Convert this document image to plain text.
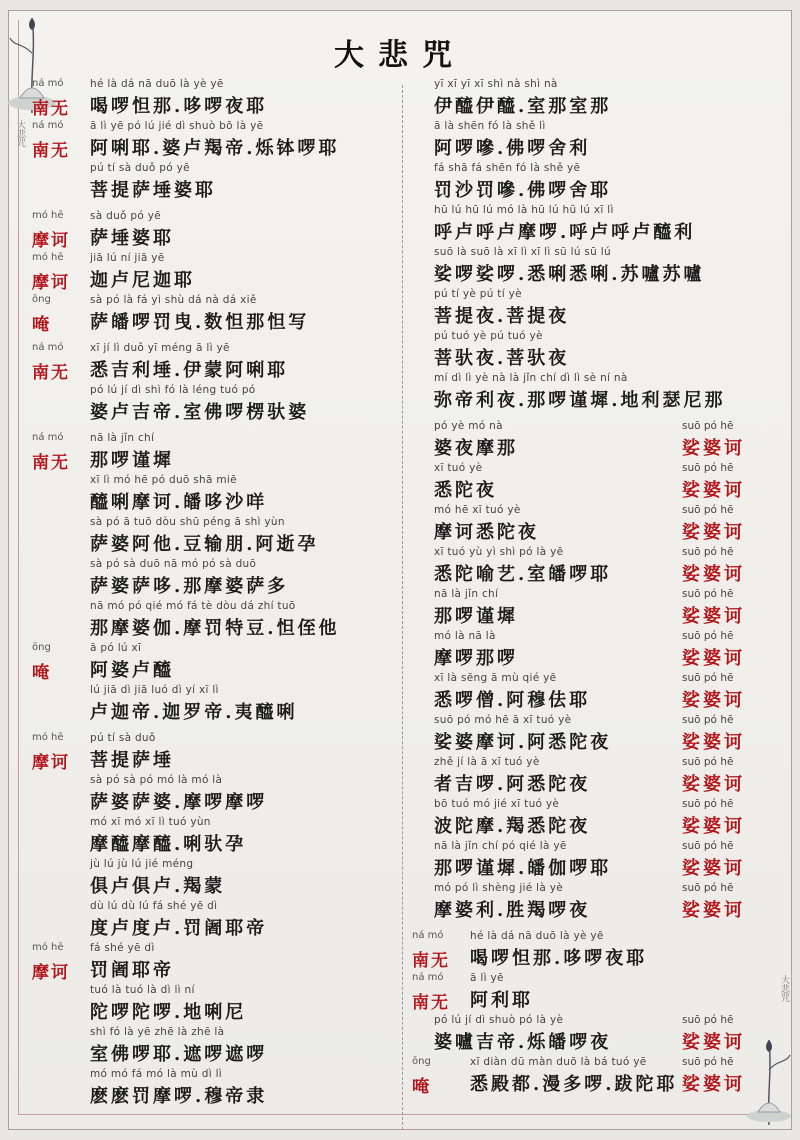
大悲咒
大悲咒
大悲咒
ná mó
南无
hé là dá nā duō là yè yē
喝啰怛那.哆啰夜耶
ná mó
南无
ā lì yē pó lú jié dì shuò bō là yē
阿唎耶.婆卢羯帝.烁钵啰耶
pú tí sà duǒ pó yē
菩提萨埵婆耶
mó hē
摩诃
sà duǒ pó yē
萨埵婆耶
mó hē
摩诃
jiā lú ní jiā yē
迦卢尼迦耶
ōng
唵
sà pó là fá yì shù dá nà dá xiě
萨皤啰罚曳.数怛那怛写
ná mó
南无
xī jí lì duǒ yī méng ā lì yē
悉吉利埵.伊蒙阿唎耶
pó lú jí dì shì fó là léng tuó pó
婆卢吉帝.室佛啰楞驮婆
ná mó
南无
nā là jǐn chí
那啰谨墀
xī lì mó hē pó duō shā miē
醯唎摩诃.皤哆沙咩
sà pó ā tuō dòu shū péng ā shì yùn
萨婆阿他.豆输朋.阿逝孕
sà pó sà duō nā mó pó sà duō
萨婆萨哆.那摩婆萨多
nā mó pó qié mó fá tè dòu dá zhí tuō
那摩婆伽.摩罚特豆.怛侄他
ōng
唵
ā pó lú xī
阿婆卢醯
lú jiā dì jiā luó dì yí xī lì
卢迦帝.迦罗帝.夷醯唎
mó hē
摩诃
pú tí sà duǒ
菩提萨埵
sà pó sà pó mó là mó là
萨婆萨婆.摩啰摩啰
mó xī mó xī lì tuó yùn
摩醯摩醯.唎驮孕
jù lú jù lú jié méng
俱卢俱卢.羯蒙
dù lú dù lú fá shé yē dì
度卢度卢.罚阇耶帝
mó hē
摩诃
fá shé yē dì
罚阇耶帝
tuó là tuó là dì lì ní
陀啰陀啰.地唎尼
shì fó là yē zhē là zhē là
室佛啰耶.遮啰遮啰
mó mó fá mó là mù dì lì
麽麽罚摩啰.穆帝隶
yī xī yī xī shì nà shì nà
伊醯伊醯.室那室那
ā là shēn fó là shě lì
阿啰嘇.佛啰舍利
fá shā fá shēn fó là shě yē
罚沙罚嘇.佛啰舍耶
hū lú hū lú mó là hū lú hū lú xī lì
呼卢呼卢摩啰.呼卢呼卢醯利
suō là suō là xī lì xī lì sū lú sū lú
娑啰娑啰.悉唎悉唎.苏嚧苏嚧
pú tí yè pú tí yè
菩提夜.菩提夜
pú tuó yè pú tuó yè
菩驮夜.菩驮夜
mí dì lì yè nà là jǐn chí dì lì sè ní nà
弥帝利夜.那啰谨墀.地利瑟尼那
pó yè mó nà
婆夜摩那
suō pó hē
娑婆诃
xī tuó yè
悉陀夜
suō pó hē
娑婆诃
mó hē xī tuó yè
摩诃悉陀夜
suō pó hē
娑婆诃
xī tuó yù yì shì pó là yē
悉陀喻艺.室皤啰耶
suō pó hē
娑婆诃
nā là jǐn chí
那啰谨墀
suō pó hē
娑婆诃
mó là nā là
摩啰那啰
suō pó hē
娑婆诃
xī là sēng ā mù qié yē
悉啰僧.阿穆佉耶
suō pó hē
娑婆诃
suō pó mó hē ā xī tuó yè
娑婆摩诃.阿悉陀夜
suō pó hē
娑婆诃
zhě jí là ā xī tuó yè
者吉啰.阿悉陀夜
suō pó hē
娑婆诃
bō tuó mó jié xī tuó yè
波陀摩.羯悉陀夜
suō pó hē
娑婆诃
nā là jǐn chí pó qié là yē
那啰谨墀.皤伽啰耶
suō pó hē
娑婆诃
mó pó lì shèng jié là yè
摩婆利.胜羯啰夜
suō pó hē
娑婆诃
ná mó
南无
hé là dá nā duō là yè yē
喝啰怛那.哆啰夜耶
ná mó
南无
ā lì yē
阿利耶
pó lú jí dì shuò pó là yè
婆嚧吉帝.烁皤啰夜
suō pó hē
娑婆诃
ōng
唵
xī diàn dū màn duō là bá tuó yē
悉殿都.漫多啰.跋陀耶
suō pó hē
娑婆诃
